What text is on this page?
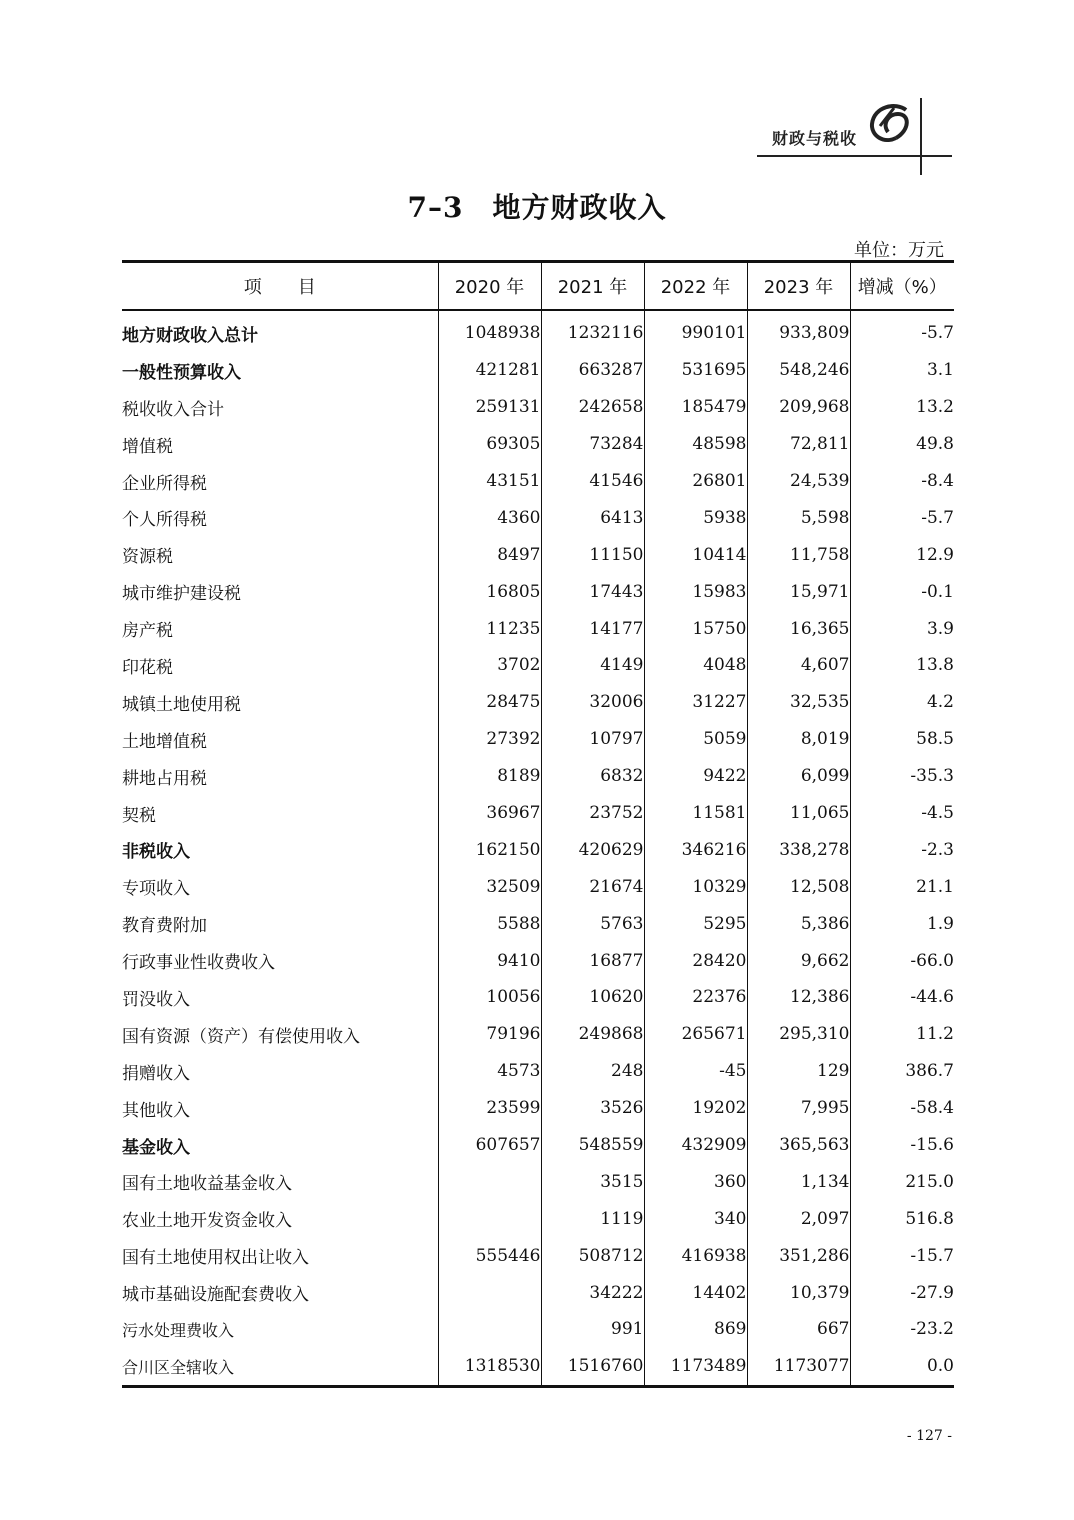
财政与税收
7–3　地方财政收入
单位：万元
项　　目	2020 年	2021 年	2022 年	2023 年	增减（%）
地方财政收入总计	1048938	1232116	990101	933,809	-5.7
一般性预算收入	421281	663287	531695	548,246	3.1
税收收入合计	259131	242658	185479	209,968	13.2
增值税	69305	73284	48598	72,811	49.8
企业所得税	43151	41546	26801	24,539	-8.4
个人所得税	4360	6413	5938	5,598	-5.7
资源税	8497	11150	10414	11,758	12.9
城市维护建设税	16805	17443	15983	15,971	-0.1
房产税	11235	14177	15750	16,365	3.9
印花税	3702	4149	4048	4,607	13.8
城镇土地使用税	28475	32006	31227	32,535	4.2
土地增值税	27392	10797	5059	8,019	58.5
耕地占用税	8189	6832	9422	6,099	-35.3
契税	36967	23752	11581	11,065	-4.5
非税收入	162150	420629	346216	338,278	-2.3
专项收入	32509	21674	10329	12,508	21.1
教育费附加	5588	5763	5295	5,386	1.9
行政事业性收费收入	9410	16877	28420	9,662	-66.0
罚没收入	10056	10620	22376	12,386	-44.6
国有资源（资产）有偿使用收入	79196	249868	265671	295,310	11.2
捐赠收入	4573	248	-45	129	386.7
其他收入	23599	3526	19202	7,995	-58.4
基金收入	607657	548559	432909	365,563	-15.6
国有土地收益基金收入		3515	360	1,134	215.0
农业土地开发资金收入		1119	340	2,097	516.8
国有土地使用权出让收入	555446	508712	416938	351,286	-15.7
城市基础设施配套费收入		34222	14402	10,379	-27.9
污水处理费收入		991	869	667	-23.2
合川区全辖收入	1318530	1516760	1173489	1173077	0.0
- 127 -
